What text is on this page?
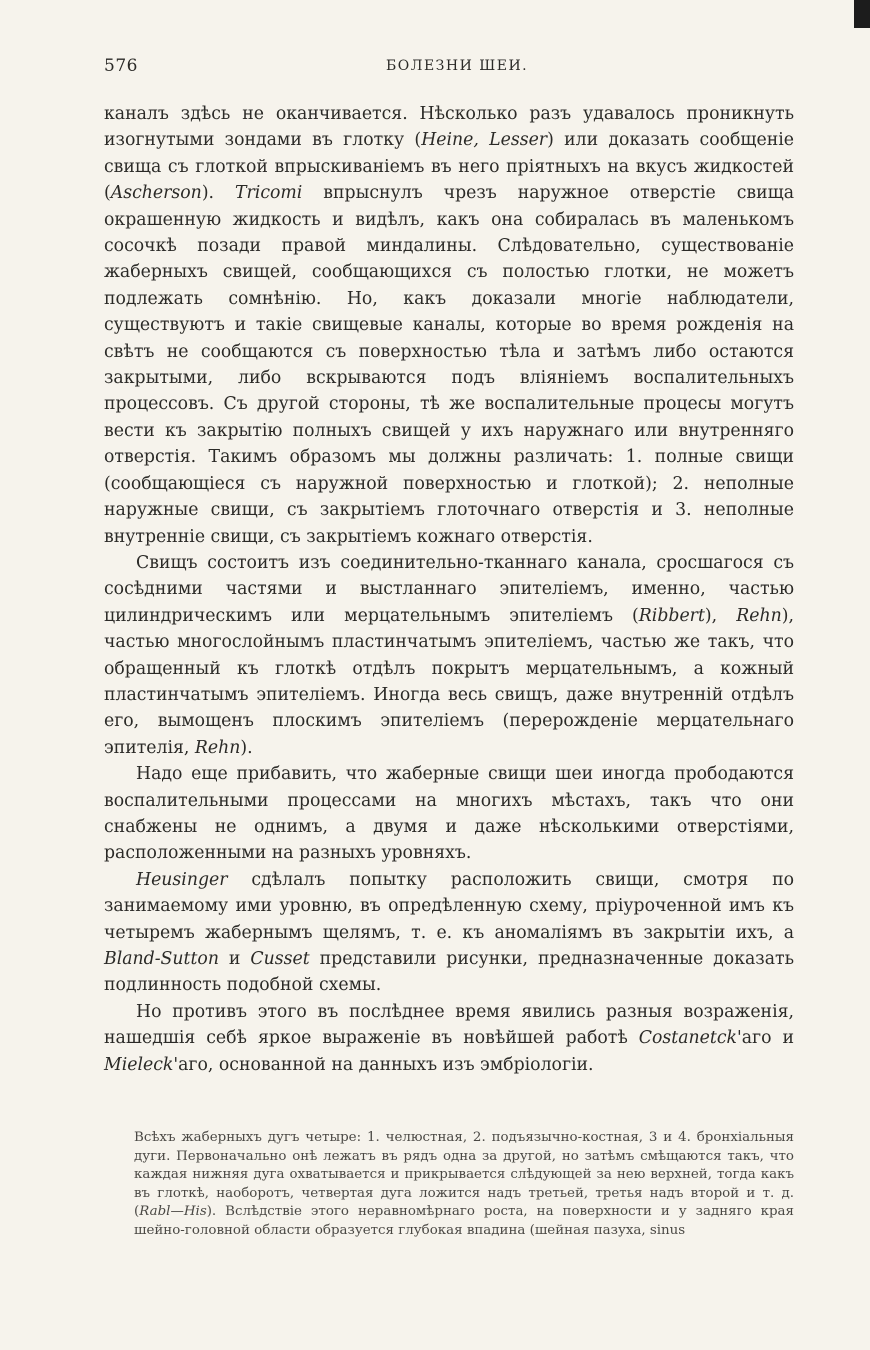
576	БОЛЕЗНИ ШЕИ.

каналъ здѣсь не оканчивается. Нѣсколько разъ удавалось проникнуть изогнутыми зондами въ глотку (Heine, Lesser) или доказать сообщеніе свища съ глоткой впрыскиваніемъ въ него пріятныхъ на вкусъ жидкостей (Ascherson). Tricomi впрыснулъ чрезъ наружное отверстіе свища окрашенную жидкость и видѣлъ, какъ она собиралась въ маленькомъ сосочкѣ позади правой миндалины. Слѣдовательно, существованіе жаберныхъ свищей, сообщающихся съ полостью глотки, не можетъ подлежать сомнѣнію. Но, какъ доказали многіе наблюдатели, существуютъ и такіе свищевые каналы, которые во время рожденія на свѣтъ не сообщаются съ поверхностью тѣла и затѣмъ либо остаются закрытыми, либо вскрываются подъ вліяніемъ воспалительныхъ процессовъ. Съ другой стороны, тѣ же воспалительные процесы могутъ вести къ закрытію полныхъ свищей у ихъ наружнаго или внутренняго отверстія. Такимъ образомъ мы должны различать: 1. полные свищи (сообщающіеся съ наружной поверхностью и глоткой); 2. неполные наружные свищи, съ закрытіемъ глоточнаго отверстія и 3. неполные внутренніе свищи, съ закрытіемъ кожнаго отверстія.

Свищъ состоитъ изъ соединительно-тканнаго канала, сросшагося съ сосѣдними частями и выстланнаго эпителіемъ, именно, частью цилиндрическимъ или мерцательнымъ эпителіемъ (Ribbert), Rehn), частью многослойнымъ пластинчатымъ эпителіемъ, частью же такъ, что обращенный къ глоткѣ отдѣлъ покрытъ мерцательнымъ, а кожный пластинчатымъ эпителіемъ. Иногда весь свищъ, даже внутренній отдѣлъ его, вымощенъ плоскимъ эпителіемъ (перерожденіе мерцательнаго эпителія, Rehn).

Надо еще прибавить, что жаберные свищи шеи иногда прободаются воспалительными процессами на многихъ мѣстахъ, такъ что они снабжены не однимъ, а двумя и даже нѣсколькими отверстіями, расположенными на разныхъ уровняхъ.

Heusinger сдѣлалъ попытку расположить свищи, смотря по занимаемому ими уровню, въ опредѣленную схему, пріуроченной имъ къ четыремъ жабернымъ щелямъ, т. е. къ аномаліямъ въ закрытіи ихъ, а Bland-Sutton и Cusset представили рисунки, предназначенные доказать подлинность подобной схемы.

Но противъ этого въ послѣднее время явились разныя возраженія, нашедшія себѣ яркое выраженіе въ новѣйшей работѣ Costanetck'аго и Mieleck'аго, основанной на данныхъ изъ эмбріологіи.

Всѣхъ жаберныхъ дугъ четыре: 1. челюстная, 2. подъязычно-костная, 3 и 4. бронхіальныя дуги. Первоначально онѣ лежатъ въ рядъ одна за другой, но затѣмъ смѣщаются такъ, что каждая нижняя дуга охватывается и прикрывается слѣдующей за нею верхней, тогда какъ въ глоткѣ, наоборотъ, четвертая дуга ложится надъ третьей, третья надъ второй и т. д. (Rabl—His). Вслѣдствіе этого неравномѣрнаго роста, на поверхности и у задняго края шейно-головной области образуется глубокая впадина (шейная пазуха, sinus
